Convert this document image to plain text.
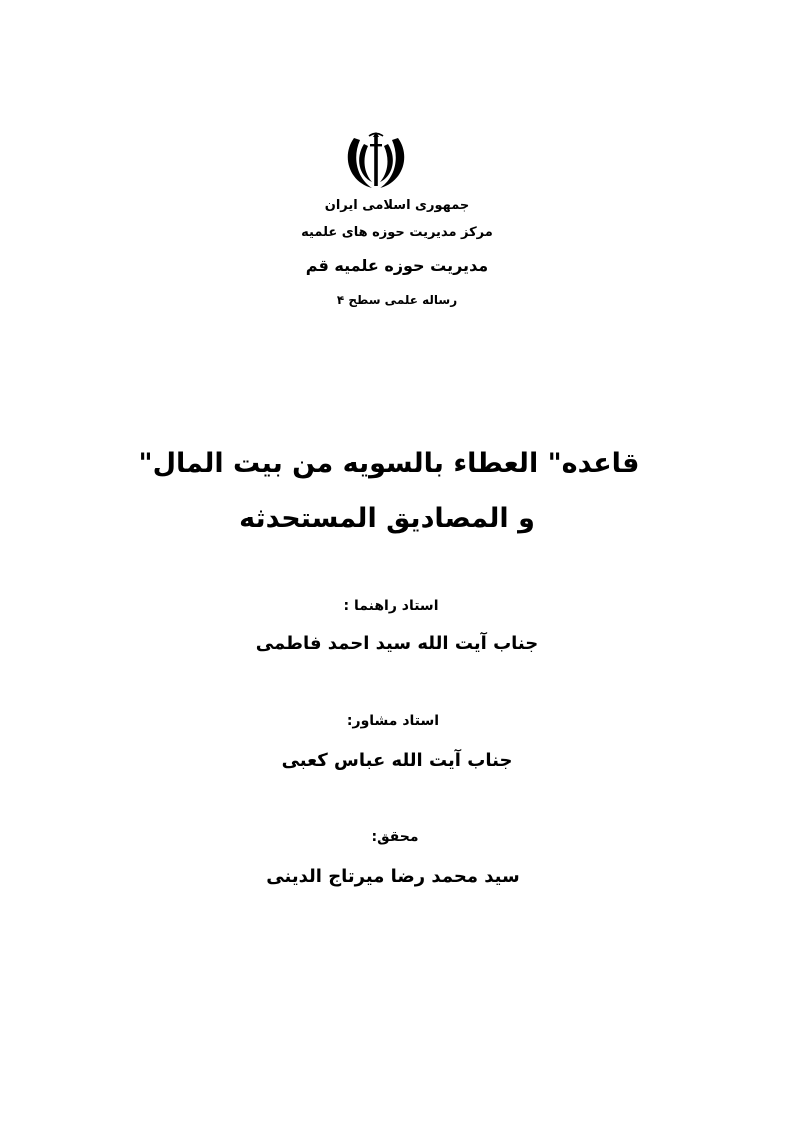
جمهوری اسلامی ایران
مرکز مدیریت حوزه های علمیه
مدیریت حوزه علمیه قم
رساله علمی سطح ۴
قاعده" العطاء بالسویه من بیت المال"
و المصادیق المستحدثه
استاد راهنما :
جناب آیت الله سید احمد فاطمی
استاد مشاور:
جناب آیت الله عباس کعبی
محقق:
سید محمد رضا میرتاج الدینی
